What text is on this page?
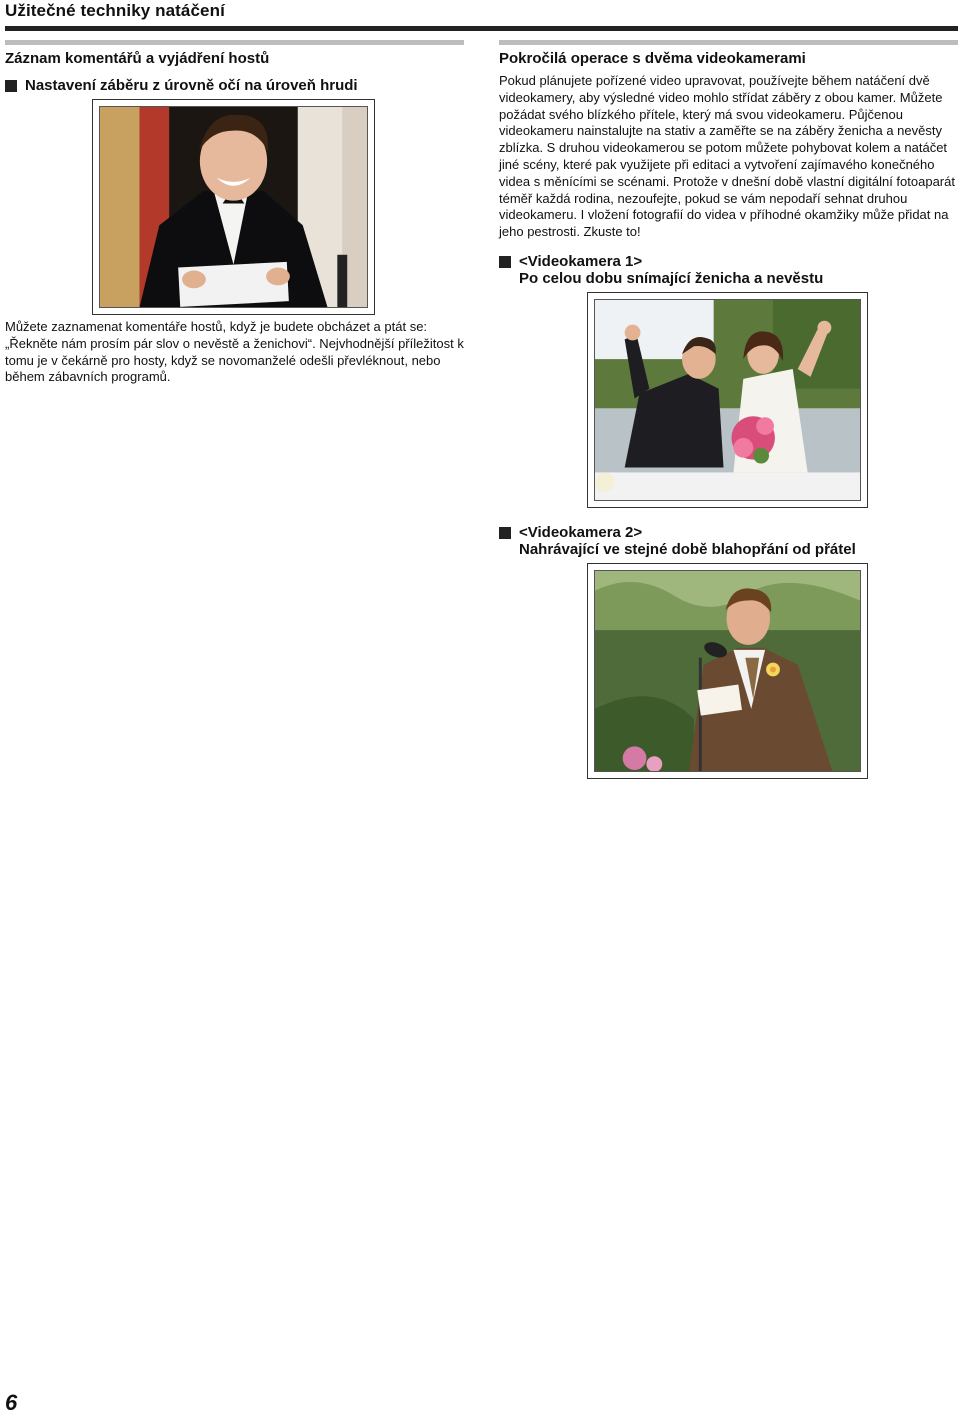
Užitečné techniky natáčení
Záznam komentářů a vyjádření hostů
Nastavení záběru z úrovně očí na úroveň hrudi

Můžete zaznamenat komentáře hostů, když je budete obcházet a ptát se: „Řekněte nám prosím pár slov o nevěstě a ženichovi“. Nejvhodnější příležitost k tomu je v čekárně pro hosty, když se novomanželé odešli převléknout, nebo během zábavních programů.

Pokročilá operace s dvěma videokamerami

Pokud plánujete pořízené video upravovat, používejte během natáčení dvě videokamery, aby výsledné video mohlo střídat záběry z obou kamer. Můžete požádat svého blízkého přítele, který má svou videokameru. Půjčenou videokameru nainstalujte na stativ a zaměřte se na záběry ženicha a nevěsty zblízka. S druhou videokamerou se potom můžete pohybovat kolem a natáčet jiné scény, které pak využijete při editaci a vytvoření zajímavého konečného videa s měnícími se scénami. Protože v dnešní době vlastní digitální fotoaparát téměř každá rodina, nezoufejte, pokud se vám nepodaří sehnat druhou videokameru. I vložení fotografií do videa v příhodné okamžiky může přidat na jeho pestrosti. Zkuste to!

<Videokamera 1>
Po celou dobu snímající ženicha a nevěstu
<Videokamera 2>
Nahrávající ve stejné době blahopřání od přátel
6
